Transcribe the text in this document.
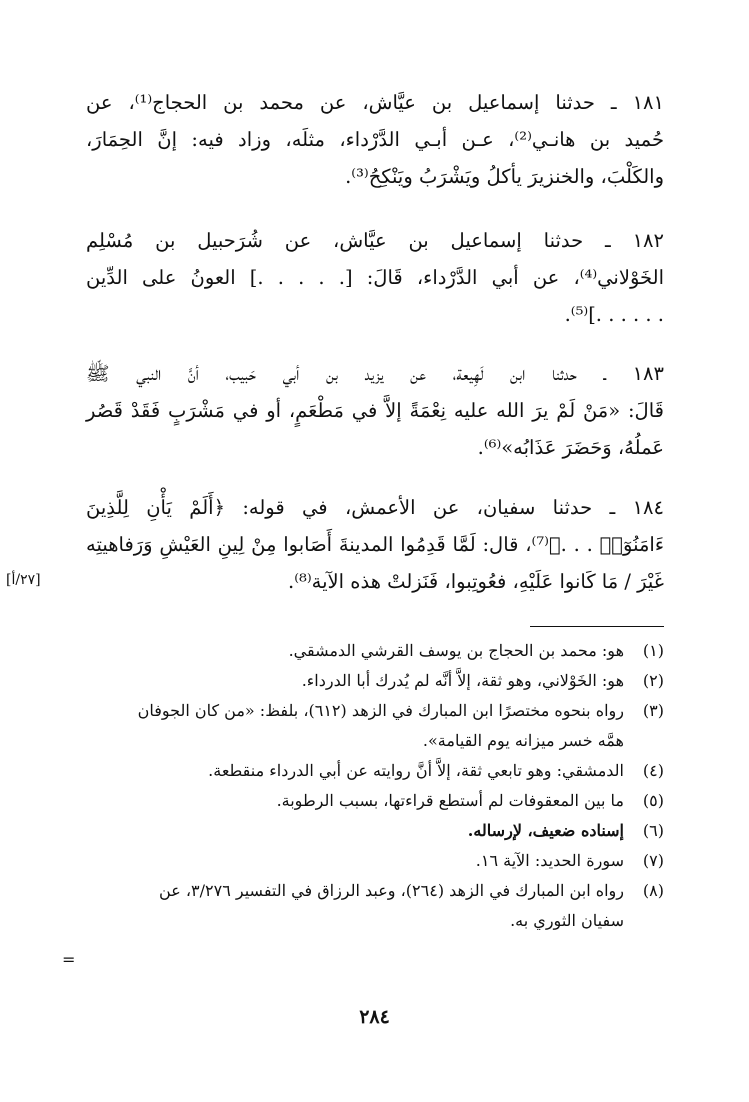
١٨١ ـ حدثنا إسماعيل بن عيَّاش، عن محمد بن الحجاج⁽¹⁾، عن
حُميد بن هانـي⁽²⁾، عـن أبـي الدَّرْداء، مثلَه، وزاد فيه: إنَّ الحِمَارَ،
والكَلْبَ، والخنزيرَ يأكلُ ويَشْرَبُ ويَنْكِحُ⁽³⁾.
١٨٢ ـ حدثنا إسماعيل بن عيَّاش، عن شُرَحبيل بن مُسْلِم
الخَوْلاني⁽⁴⁾، عن أبي الدَّرْداء، قَالَ: [. . . . .] العونُ على الدِّين
. . . . . .]⁽⁵⁾.
١٨٣ ـ حدثنا ابن لَهِيعة، عن يزيد بن أبي حَبيب، أنَّ النبي ﷺ
قَالَ: «مَنْ لَمْ يرَ الله عليه نِعْمَةً إلاَّ في مَطْعَمٍ، أو في مَشْرَبٍ فَقَدْ قَصُر
عَملُهُ، وَحَضَرَ عَذَابُه»⁽⁶⁾.
١٨٤ ـ حدثنا سفيان، عن الأعمش، في قوله: ﴿أَلَمْ يَأْنِ لِلَّذِينَ
ءَامَنُوٓا۟ . . .﴾⁽⁷⁾، قال: لَمَّا قَدِمُوا المدينةَ أَصَابوا مِنْ لِينِ العَيْشِ وَرَفاهيتِه
غَيْرَ / مَا كَانوا عَلَيْهِ، فعُوتِبوا، فَنَزلتْ هذه الآية⁽⁸⁾.
[٢٧/أ]
(١)
هو: محمد بن الحجاج بن يوسف القرشي الدمشقي.
(٢)
هو: الخَوْلاني، وهو ثقة، إلاَّ أنَّه لم يُدرك أبا الدرداء.
(٣)
رواه بنحوه مختصرًا ابن المبارك في الزهد (٦١٢)، بلفظ: «من كان الجوفان
همَّه خسر ميزانه يوم القيامة».
(٤)
الدمشقي: وهو تابعي ثقة، إلاَّ أنَّ روايته عن أبي الدرداء منقطعة.
(٥)
ما بين المعقوفات لم أستطع قراءتها، بسبب الرطوبة.
(٦)
إسناده ضعيف، لإرساله.
(٧)
سورة الحديد: الآية ١٦.
(٨)
رواه ابن المبارك في الزهد (٢٦٤)، وعبد الرزاق في التفسير ٣/٢٧٦، عن
سفيان الثوري به.
=
٢٨٤
